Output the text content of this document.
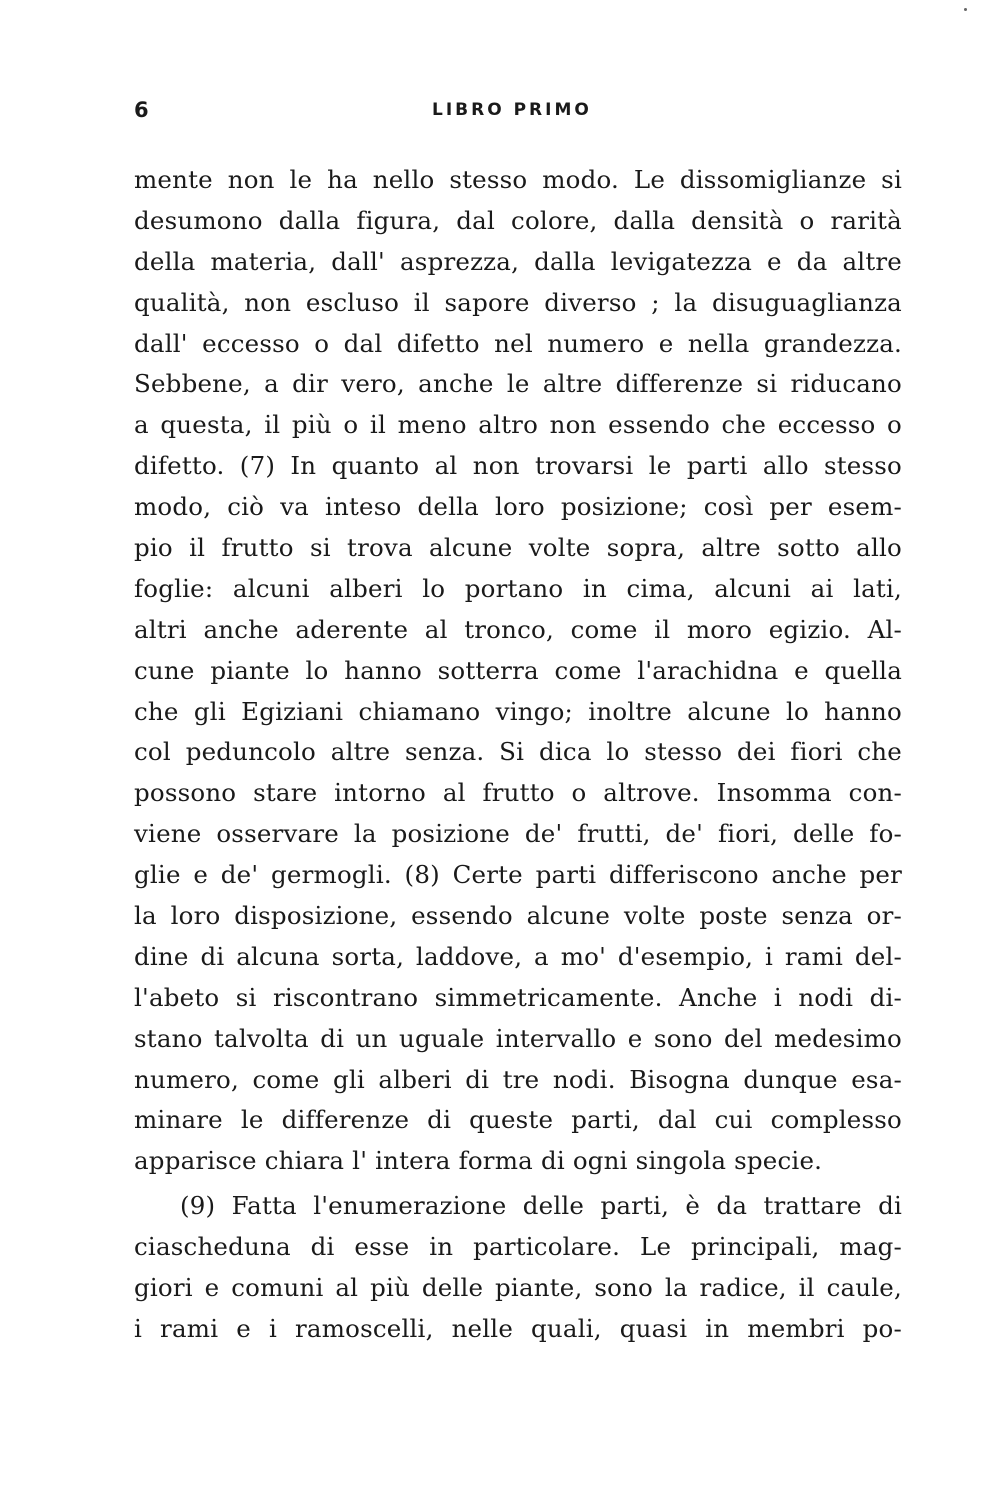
6	LIBRO PRIMO
mente non le ha nello stesso modo. Le dissomiglianze si
desumono dalla figura, dal colore, dalla densità o rarità
della materia, dall' asprezza, dalla levigatezza e da altre
qualità, non escluso il sapore diverso ; la disuguaglianza
dall' eccesso o dal difetto nel numero e nella grandezza.
Sebbene, a dir vero, anche le altre differenze si riducano
a questa, il più o il meno altro non essendo che eccesso o
difetto. (7) In quanto al non trovarsi le parti allo stesso
modo, ciò va inteso della loro posizione; così per esem-
pio il frutto si trova alcune volte sopra, altre sotto allo
foglie: alcuni alberi lo portano in cima, alcuni ai lati,
altri anche aderente al tronco, come il moro egizio. Al-
cune piante lo hanno sotterra come l'arachidna e quella
che gli Egiziani chiamano vingo; inoltre alcune lo hanno
col peduncolo altre senza. Si dica lo stesso dei fiori che
possono stare intorno al frutto o altrove. Insomma con-
viene osservare la posizione de' frutti, de' fiori, delle fo-
glie e de' germogli. (8) Certe parti differiscono anche per
la loro disposizione, essendo alcune volte poste senza or-
dine di alcuna sorta, laddove, a mo' d'esempio, i rami del-
l'abeto si riscontrano simmetricamente. Anche i nodi di-
stano talvolta di un uguale intervallo e sono del medesimo
numero, come gli alberi di tre nodi. Bisogna dunque esa-
minare le differenze di queste parti, dal cui complesso
apparisce chiara l' intera forma di ogni singola specie.
(9) Fatta l'enumerazione delle parti, è da trattare di
ciascheduna di esse in particolare. Le principali, mag-
giori e comuni al più delle piante, sono la radice, il caule,
i rami e i ramoscelli, nelle quali, quasi in membri po-
